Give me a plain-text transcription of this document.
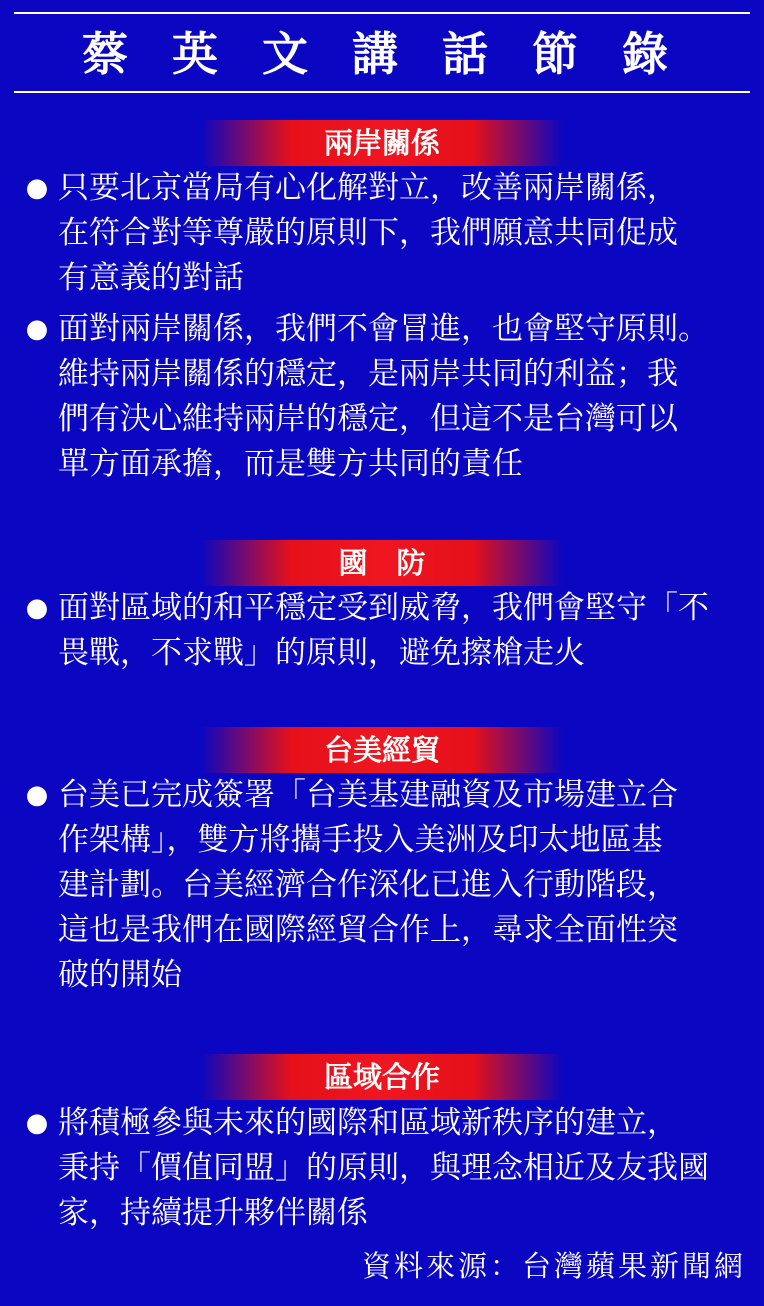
蔡 英 文 講 話 節 錄
兩岸關係
● 只要北京當局有心化解對立，改善兩岸關係，
在符合對等尊嚴的原則下，我們願意共同促成
有意義的對話
● 面對兩岸關係，我們不會冒進，也會堅守原則。
維持兩岸關係的穩定，是兩岸共同的利益；我
們有決心維持兩岸的穩定，但這不是台灣可以
單方面承擔，而是雙方共同的責任
國　防
● 面對區域的和平穩定受到威脅，我們會堅守「不
畏戰，不求戰」的原則，避免擦槍走火
台美經貿
● 台美已完成簽署「台美基建融資及市場建立合
作架構」，雙方將攜手投入美洲及印太地區基
建計劃。台美經濟合作深化已進入行動階段，
這也是我們在國際經貿合作上，尋求全面性突
破的開始
區域合作
● 將積極參與未來的國際和區域新秩序的建立，
秉持「價值同盟」的原則，與理念相近及友我國
家，持續提升夥伴關係
資料來源：台灣蘋果新聞網
